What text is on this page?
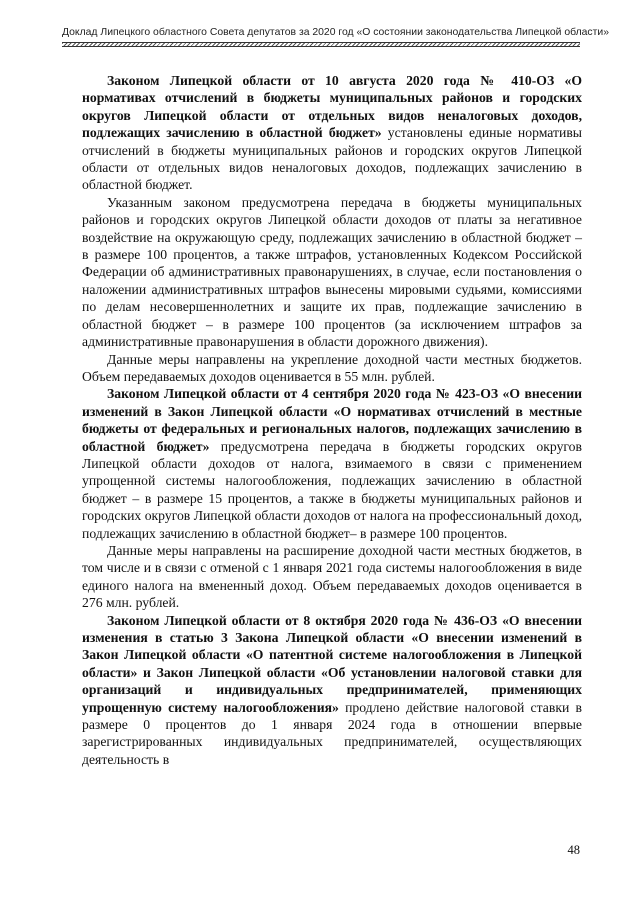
Доклад Липецкого областного Совета депутатов за 2020 год «О состоянии законодательства Липецкой области»

Законом Липецкой области от 10 августа 2020 года № 410-ОЗ «О нормативах отчислений в бюджеты муниципальных районов и городских округов Липецкой области от отдельных видов неналоговых доходов, подлежащих зачислению в областной бюджет» установлены единые нормативы отчислений в бюджеты муниципальных районов и городских округов Липецкой области от отдельных видов неналоговых доходов, подлежащих зачислению в областной бюджет.

Указанным законом предусмотрена передача в бюджеты муниципальных районов и городских округов Липецкой области доходов от платы за негативное воздействие на окружающую среду, подлежащих зачислению в областной бюджет – в размере 100 процентов, а также штрафов, установленных Кодексом Российской Федерации об административных правонарушениях, в случае, если постановления о наложении административных штрафов вынесены мировыми судьями, комиссиями по делам несовершеннолетних и защите их прав, подлежащие зачислению в областной бюджет – в размере 100 процентов (за исключением штрафов за административные правонарушения в области дорожного движения).

Данные меры направлены на укрепление доходной части местных бюджетов. Объем передаваемых доходов оценивается в 55 млн. рублей.

Законом Липецкой области от 4 сентября 2020 года № 423-ОЗ «О внесении изменений в Закон Липецкой области «О нормативах отчислений в местные бюджеты от федеральных и региональных налогов, подлежащих зачислению в областной бюджет» предусмотрена передача в бюджеты городских округов Липецкой области доходов от налога, взимаемого в связи с применением упрощенной системы налогообложения, подлежащих зачислению в областной бюджет – в размере 15 процентов, а также в бюджеты муниципальных районов и городских округов Липецкой области доходов от налога на профессиональный доход, подлежащих зачислению в областной бюджет– в размере 100 процентов.

Данные меры направлены на расширение доходной части местных бюджетов, в том числе и в связи с отменой с 1 января 2021 года системы налогообложения в виде единого налога на вмененный доход. Объем передаваемых доходов оценивается в 276 млн. рублей.

Законом Липецкой области от 8 октября 2020 года № 436-ОЗ «О внесении изменения в статью 3 Закона Липецкой области «О внесении изменений в Закон Липецкой области «О патентной системе налогообложения в Липецкой области» и Закон Липецкой области «Об установлении налоговой ставки для организаций и индивидуальных предпринимателей, применяющих упрощенную систему налогообложения» продлено действие налоговой ставки в размере 0 процентов до 1 января 2024 года в отношении впервые зарегистрированных индивидуальных предпринимателей, осуществляющих деятельность в

48
